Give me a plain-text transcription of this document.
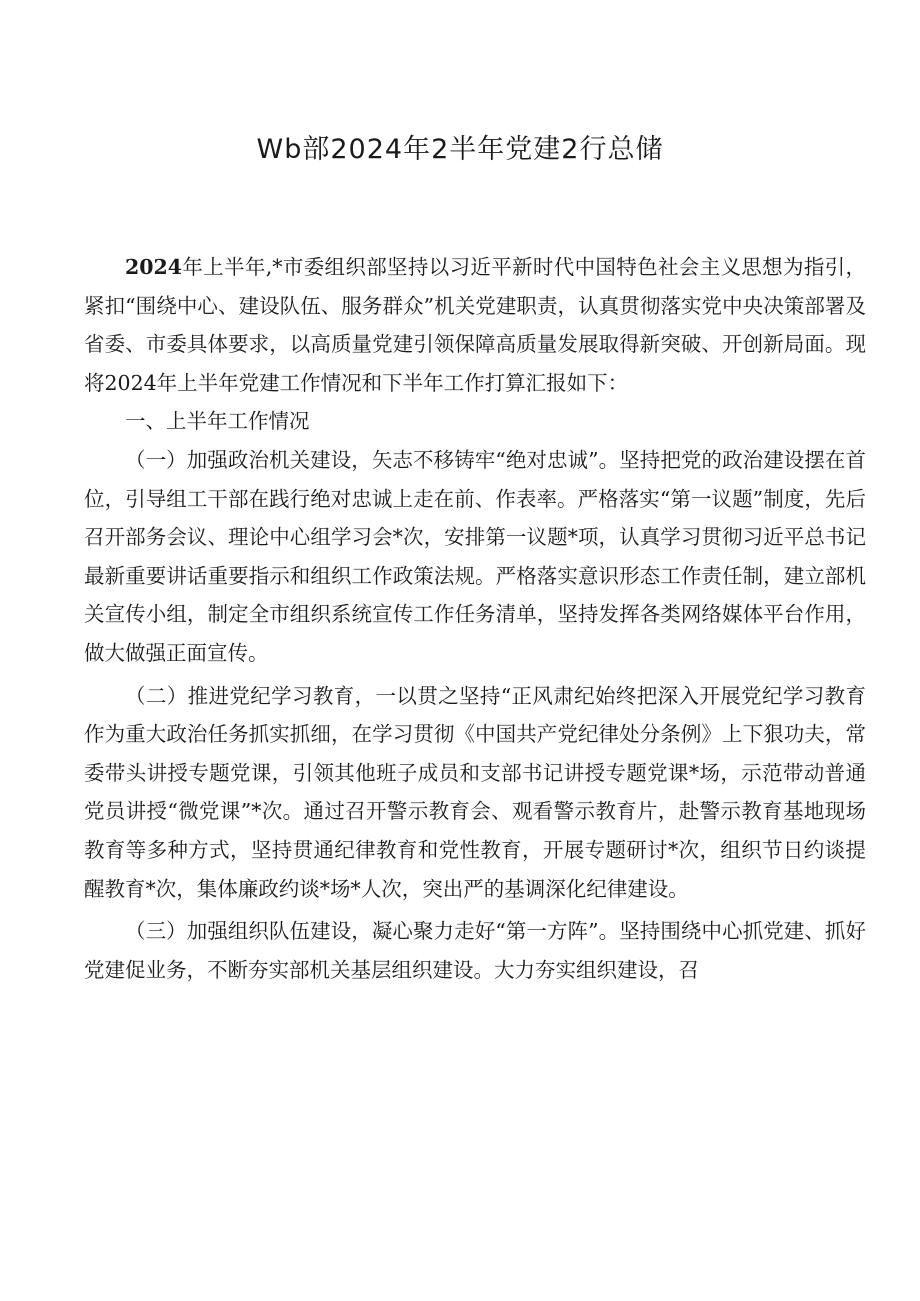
Wb部2024年2半年党建2行总储

2024年上半年,*市委组织部坚持以习近平新时代中国特色社会主义思想为指引，紧扣“围绕中心、建设队伍、服务群众”机关党建职责，认真贯彻落实党中央决策部署及省委、市委具体要求，以高质量党建引领保障高质量发展取得新突破、开创新局面。现将2024年上半年党建工作情况和下半年工作打算汇报如下：

一、上半年工作情况

（一）加强政治机关建设，矢志不移铸牢“绝对忠诚”。坚持把党的政治建设摆在首位，引导组工干部在践行绝对忠诚上走在前、作表率。严格落实“第一议题”制度，先后召开部务会议、理论中心组学习会*次，安排第一议题*项，认真学习贯彻习近平总书记最新重要讲话重要指示和组织工作政策法规。严格落实意识形态工作责任制，建立部机关宣传小组，制定全市组织系统宣传工作任务清单，坚持发挥各类网络媒体平台作用，做大做强正面宣传。

（二）推进党纪学习教育，一以贯之坚持“正风肃纪始终把深入开展党纪学习教育作为重大政治任务抓实抓细，在学习贯彻《中国共产党纪律处分条例》上下狠功夫，常委带头讲授专题党课，引领其他班子成员和支部书记讲授专题党课*场，示范带动普通党员讲授“微党课”*次。通过召开警示教育会、观看警示教育片，赴警示教育基地现场教育等多种方式，坚持贯通纪律教育和党性教育，开展专题研讨*次，组织节日约谈提醒教育*次，集体廉政约谈*场*人次，突出严的基调深化纪律建设。

（三）加强组织队伍建设，凝心聚力走好“第一方阵”。坚持围绕中心抓党建、抓好党建促业务，不断夯实部机关基层组织建设。大力夯实组织建设，召
